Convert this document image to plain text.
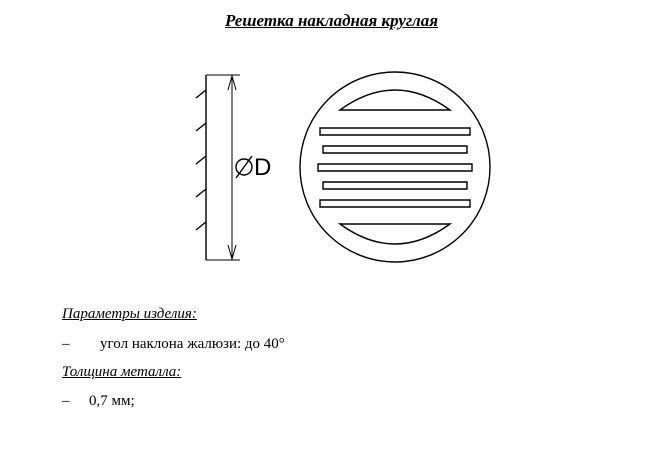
Решетка накладная круглая
D
Параметры изделия:
– угол наклона жалюзи: до 40°
Толщина металла:
– 0,7 мм;
